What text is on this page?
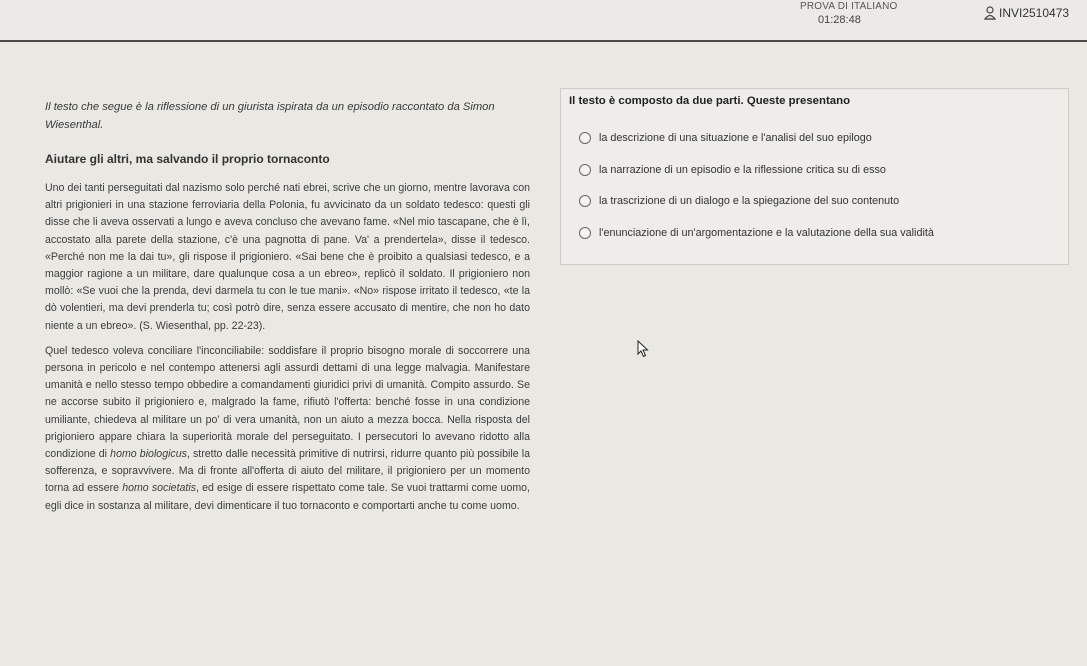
PROVA DI ITALIANO
01:28:48	INVI2510473

Il testo che segue è la riflessione di un giurista ispirata da un episodio raccontato da Simon Wiesenthal.

Aiutare gli altri, ma salvando il proprio tornaconto

Uno dei tanti perseguitati dal nazismo solo perché nati ebrei, scrive che un giorno, mentre lavorava con altri prigionieri in una stazione ferroviaria della Polonia, fu avvicinato da un soldato tedesco: questi gli disse che li aveva osservati a lungo e aveva concluso che avevano fame. «Nel mio tascapane, che è lì, accostato alla parete della stazione, c'è una pagnotta di pane. Va' a prendertela», disse il tedesco. «Perché non me la dai tu», gli rispose il prigioniero. «Sai bene che è proibito a qualsiasi tedesco, e a maggior ragione a un militare, dare qualunque cosa a un ebreo», replicò il soldato. Il prigioniero non mollò: «Se vuoi che la prenda, devi darmela tu con le tue mani». «No» rispose irritato il tedesco, «te la dò volentieri, ma devi prenderla tu; così potrò dire, senza essere accusato di mentire, che non ho dato niente a un ebreo». (S. Wiesenthal, pp. 22-23).

Quel tedesco voleva conciliare l'inconciliabile: soddisfare il proprio bisogno morale di soccorrere una persona in pericolo e nel contempo attenersi agli assurdi dettami di una legge malvagia. Manifestare umanità e nello stesso tempo obbedire a comandamenti giuridici privi di umanità. Compito assurdo. Se ne accorse subito il prigioniero e, malgrado la fame, rifiutò l'offerta: benché fosse in una condizione umiliante, chiedeva al militare un po' di vera umanità, non un aiuto a mezza bocca. Nella risposta del prigioniero appare chiara la superiorità morale del perseguitato. I persecutori lo avevano ridotto alla condizione di homo biologicus, stretto dalle necessità primitive di nutrirsi, ridurre quanto più possibile la sofferenza, e sopravvivere. Ma di fronte all'offerta di aiuto del militare, il prigioniero per un momento torna ad essere homo societatis, ed esige di essere rispettato come tale. Se vuoi trattarmi come uomo, egli dice in sostanza al militare, devi dimenticare il tuo tornaconto e comportarti anche tu come uomo.

Il testo è composto da due parti. Queste presentano
la descrizione di una situazione e l'analisi del suo epilogo
la narrazione di un episodio e la riflessione critica su di esso
la trascrizione di un dialogo e la spiegazione del suo contenuto
l'enunciazione di un'argomentazione e la valutazione della sua validità
